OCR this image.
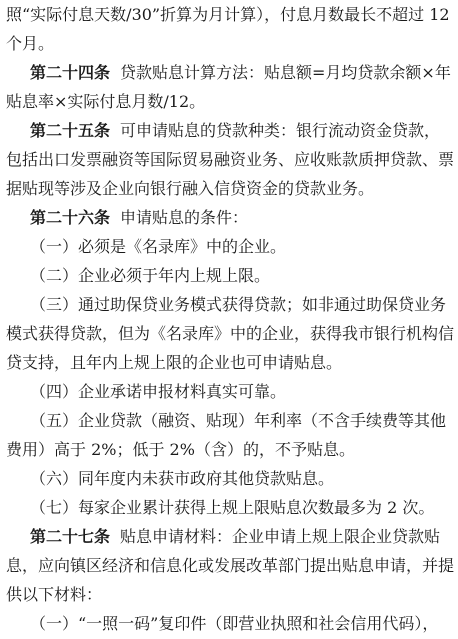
照“实际付息天数/30”折算为月计算），付息月数最长不超过 12
个月。
第二十四条 贷款贴息计算方法：贴息额=月均贷款余额×年
贴息率×实际付息月数/12。
第二十五条 可申请贴息的贷款种类：银行流动资金贷款，
包括出口发票融资等国际贸易融资业务、应收账款质押贷款、票
据贴现等涉及企业向银行融入信贷资金的贷款业务。
第二十六条 申请贴息的条件：
（一）必须是《名录库》中的企业。
（二）企业必须于年内上规上限。
（三）通过助保贷业务模式获得贷款；如非通过助保贷业务
模式获得贷款，但为《名录库》中的企业，获得我市银行机构信
贷支持，且年内上规上限的企业也可申请贴息。
（四）企业承诺申报材料真实可靠。
（五）企业贷款（融资、贴现）年利率（不含手续费等其他
费用）高于 2%；低于 2%（含）的，不予贴息。
（六）同年度内未获市政府其他贷款贴息。
（七）每家企业累计获得上规上限贴息次数最多为 2 次。
第二十七条 贴息申请材料：企业申请上规上限企业贷款贴
息，应向镇区经济和信息化或发展改革部门提出贴息申请，并提
供以下材料：
（一）“一照一码”复印件（即营业执照和社会信用代码），
